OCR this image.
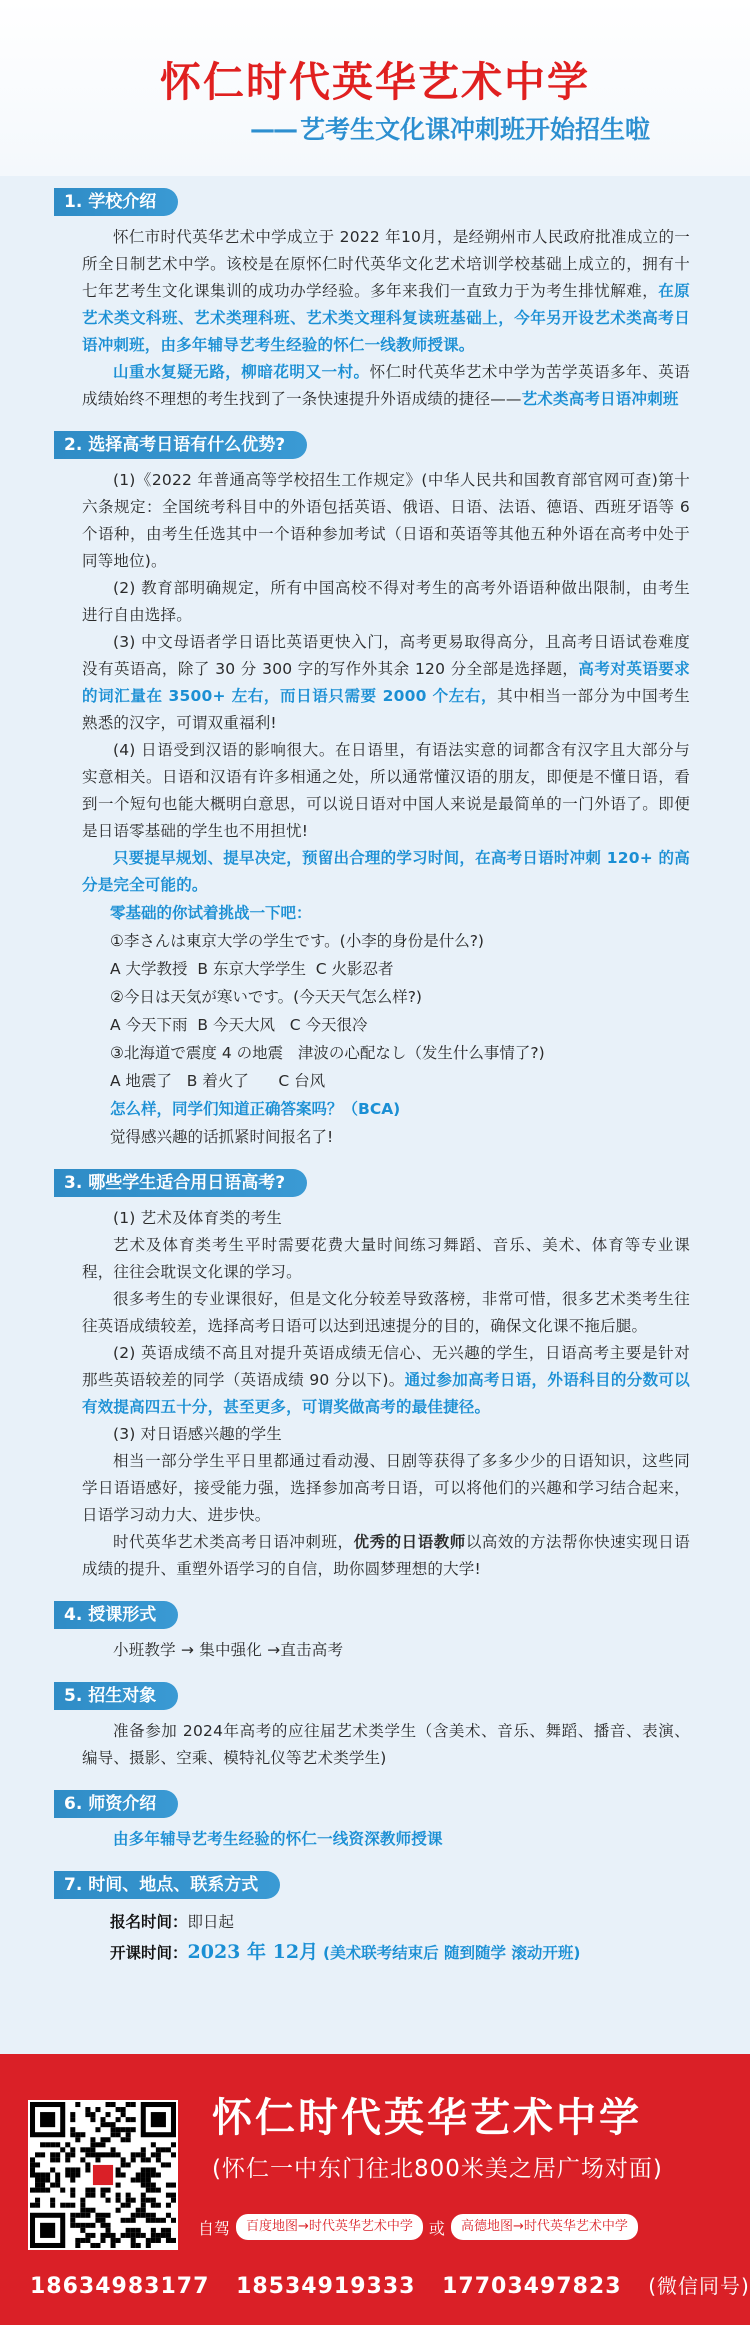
怀仁时代英华艺术中学
—— 艺考生文化课冲刺班开始招生啦
1. 学校介绍

怀仁市时代英华艺术中学成立于 2022 年10月，是经朔州市人民政府批准成立的一所全日制艺术中学。该校是在原怀仁时代英华文化艺术培训学校基础上成立的，拥有十七年艺考生文化课集训的成功办学经验。多年来我们一直致力于为考生排忧解难，在原艺术类文科班、艺术类理科班、艺术类文理科复读班基础上，今年另开设艺术类高考日语冲刺班，由多年辅导艺考生经验的怀仁一线教师授课。

山重水复疑无路，柳暗花明又一村。怀仁时代英华艺术中学为苦学英语多年、英语成绩始终不理想的考生找到了一条快速提升外语成绩的捷径——艺术类高考日语冲刺班

2. 选择高考日语有什么优势?

(1)《2022 年普通高等学校招生工作规定》(中华人民共和国教育部官网可查)第十六条规定：全国统考科目中的外语包括英语、俄语、日语、法语、德语、西班牙语等 6 个语种，由考生任选其中一个语种参加考试（日语和英语等其他五种外语在高考中处于同等地位)。

(2) 教育部明确规定，所有中国高校不得对考生的高考外语语种做出限制，由考生进行自由选择。

(3) 中文母语者学日语比英语更快入门，高考更易取得高分，且高考日语试卷难度没有英语高，除了 30 分 300 字的写作外其余 120 分全部是选择题，高考对英语要求的词汇量在 3500+ 左右，而日语只需要 2000 个左右，其中相当一部分为中国考生熟悉的汉字，可谓双重福利!

(4) 日语受到汉语的影响很大。在日语里，有语法实意的词都含有汉字且大部分与实意相关。日语和汉语有许多相通之处，所以通常懂汉语的朋友，即便是不懂日语，看到一个短句也能大概明白意思，可以说日语对中国人来说是最简单的一门外语了。即便是日语零基础的学生也不用担忧!

只要提早规划、提早决定，预留出合理的学习时间，在高考日语时冲刺 120+ 的高分是完全可能的。

零基础的你试着挑战一下吧：
①李さんは東京大学の学生です。(小李的身份是什么?)
A 大学教授  B 东京大学学生  C 火影忍者
②今日は天気が寒いです。(今天天气怎么样?)
A 今天下雨  B 今天大风   C 今天很冷
③北海道で震度 4 の地震   津波の心配なし（发生什么事情了?)
A 地震了   B 着火了      C 台风
怎么样，同学们知道正确答案吗？（BCA)
觉得感兴趣的话抓紧时间报名了!
3. 哪些学生适合用日语高考?

(1) 艺术及体育类的考生

艺术及体育类考生平时需要花费大量时间练习舞蹈、音乐、美术、体育等专业课程，往往会耽误文化课的学习。

很多考生的专业课很好，但是文化分较差导致落榜，非常可惜，很多艺术类考生往往英语成绩较差，选择高考日语可以达到迅速提分的目的，确保文化课不拖后腿。

(2) 英语成绩不高且对提升英语成绩无信心、无兴趣的学生，日语高考主要是针对那些英语较差的同学（英语成绩 90 分以下)。通过参加高考日语，外语科目的分数可以有效提高四五十分，甚至更多，可谓奖做高考的最佳捷径。

(3) 对日语感兴趣的学生

相当一部分学生平日里都通过看动漫、日剧等获得了多多少少的日语知识，这些同学日语语感好，接受能力强，选择参加高考日语，可以将他们的兴趣和学习结合起来，日语学习动力大、进步快。

时代英华艺术类高考日语冲刺班，优秀的日语教师以高效的方法帮你快速实现日语成绩的提升、重塑外语学习的自信，助你圆梦理想的大学!

4. 授课形式

小班教学 → 集中强化 →直击高考

5. 招生对象

准备参加 2024年高考的应往届艺术类学生（含美术、音乐、舞蹈、播音、表演、编导、摄影、空乘、模特礼仪等艺术类学生)

6. 师资介绍

由多年辅导艺考生经验的怀仁一线资深教师授课

7. 时间、地点、联系方式
报名时间：即日起
开课时间：2023 年 12月 (美术联考结束后 随到随学 滚动开班)
怀仁时代英华艺术中学
(怀仁一中东门往北800米美之居广场对面)
自驾	百度地图→时代英华艺术中学	或	高德地图→时代英华艺术中学
18634983177 18534919333 17703497823 (微信同号)
